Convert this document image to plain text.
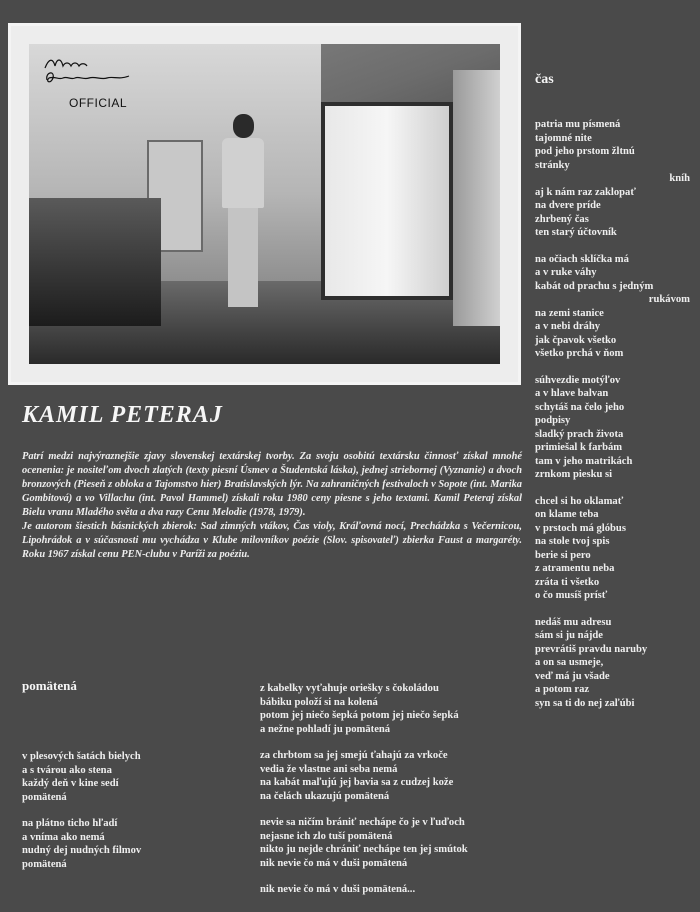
OFFICIAL
KAMIL PETERAJ

Patrí medzi najvýraznejšie zjavy slovenskej textárskej tvorby. Za svoju osobitú textársku činnosť získal mnohé ocenenia: je nositeľom dvoch zlatých (texty piesní Úsmev a Študentská láska), jednej striebornej (Vyznanie) a dvoch bronzových (Pieseň z obloka a Tajomstvo hier) Bratislavských lýr. Na zahraničných festivaloch v Sopote (int. Marika Gombitová) a vo Villachu (int. Pavol Hammel) získali roku 1980 ceny piesne s jeho textami. Kamil Peteraj získal Bielu vranu Mladého světa a dva razy Cenu Melodie (1978, 1979).

Je autorom šiestich básnických zbierok: Sad zimných vtákov, Čas violy, Kráľovná nocí, Prechádzka s Večernicou, Lipohrádok a v súčasnosti mu vychádza v Klube milovníkov poézie (Slov. spisovateľ) zbierka Faust a margaréty. Roku 1967 získal cenu PEN-clubu v Paríži za poéziu.

čas
patria mu písmená
tajomné nite
pod jeho prstom žltnú
stránky
kníh
aj k nám raz zaklopať
na dvere príde
zhrbený čas
ten starý účtovník
na očiach sklíčka má
a v ruke váhy
kabát od prachu s jedným
rukávom
na zemi stanice
a v nebi dráhy
jak čpavok všetko
všetko prchá v ňom
súhvezdie motýľov
a v hlave balvan
schytáš na čelo jeho
podpisy
sladký prach života
primiešal k farbám
tam v jeho matrikách
zrnkom piesku si
chcel si ho oklamať
on klame teba
v prstoch má glóbus
na stole tvoj spis
berie si pero
z atramentu neba
zráta ti všetko
o čo musíš prísť
nedáš mu adresu
sám si ju nájde
prevrátiš pravdu naruby
a on sa usmeje,
veď má ju všade
a potom raz
syn sa ti do nej zaľúbi
pomätená
v plesových šatách bielych
a s tvárou ako stena
každý deň v kine sedí
pomätená
na plátno ticho hľadí
a vníma ako nemá
nudný dej nudných filmov
pomätená
z kabelky vyťahuje oriešky s čokoládou
bábiku položí si na kolená
potom jej niečo šepká potom jej niečo šepká
a nežne pohladí ju pomätená
za chrbtom sa jej smejú ťahajú za vrkoče
vedia že vlastne ani seba nemá
na kabát maľujú jej bavia sa z cudzej kože
na čelách ukazujú pomätená
nevie sa ničím brániť nechápe čo je v ľuďoch
nejasne ich zlo tuší pomätená
nikto ju nejde chrániť nechápe ten jej smútok
nik nevie čo má v duši pomätená
nik nevie čo má v duši pomätená...
